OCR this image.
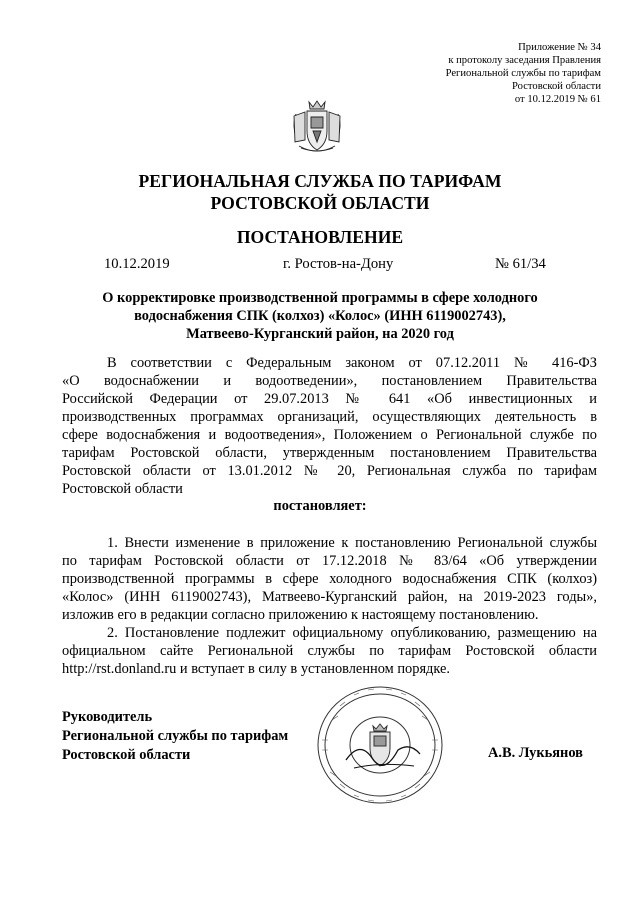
Приложение № 34
к протоколу заседания Правления
Региональной службы по тарифам
Ростовской области
от 10.12.2019 № 61
РЕГИОНАЛЬНАЯ СЛУЖБА ПО ТАРИФАМ
РОСТОВСКОЙ ОБЛАСТИ
ПОСТАНОВЛЕНИЕ
10.12.2019	г. Ростов-на-Дону	№ 61/34
О корректировке производственной программы в сфере холодного
водоснабжения СПК (колхоз) «Колос» (ИНН 6119002743),
Матвеево-Курганский район, на 2020 год
В соответствии с Федеральным законом от 07.12.2011 № 416-ФЗ
«О водоснабжении и водоотведении», постановлением Правительства
Российской Федерации от 29.07.2013 № 641 «Об инвестиционных и
производственных программах организаций, осуществляющих деятельность в
сфере водоснабжения и водоотведения», Положением о Региональной службе по
тарифам Ростовской области, утвержденным постановлением Правительства
Ростовской области от 13.01.2012 № 20, Региональная служба по тарифам
Ростовской области
постановляет:
1. Внести изменение в приложение к постановлению Региональной службы
по тарифам Ростовской области от 17.12.2018 № 83/64 «Об утверждении
производственной программы в сфере холодного водоснабжения СПК (колхоз)
«Колос» (ИНН 6119002743), Матвеево-Курганский район, на 2019-2023 годы»,
изложив его в редакции согласно приложению к настоящему постановлению.
2. Постановление подлежит официальному опубликованию, размещению на
официальном сайте Региональной службы по тарифам Ростовской области
http://rst.donland.ru и вступает в силу в установленном порядке.
Руководитель
Региональной службы по тарифам
Ростовской области	А.В. Лукьянов
